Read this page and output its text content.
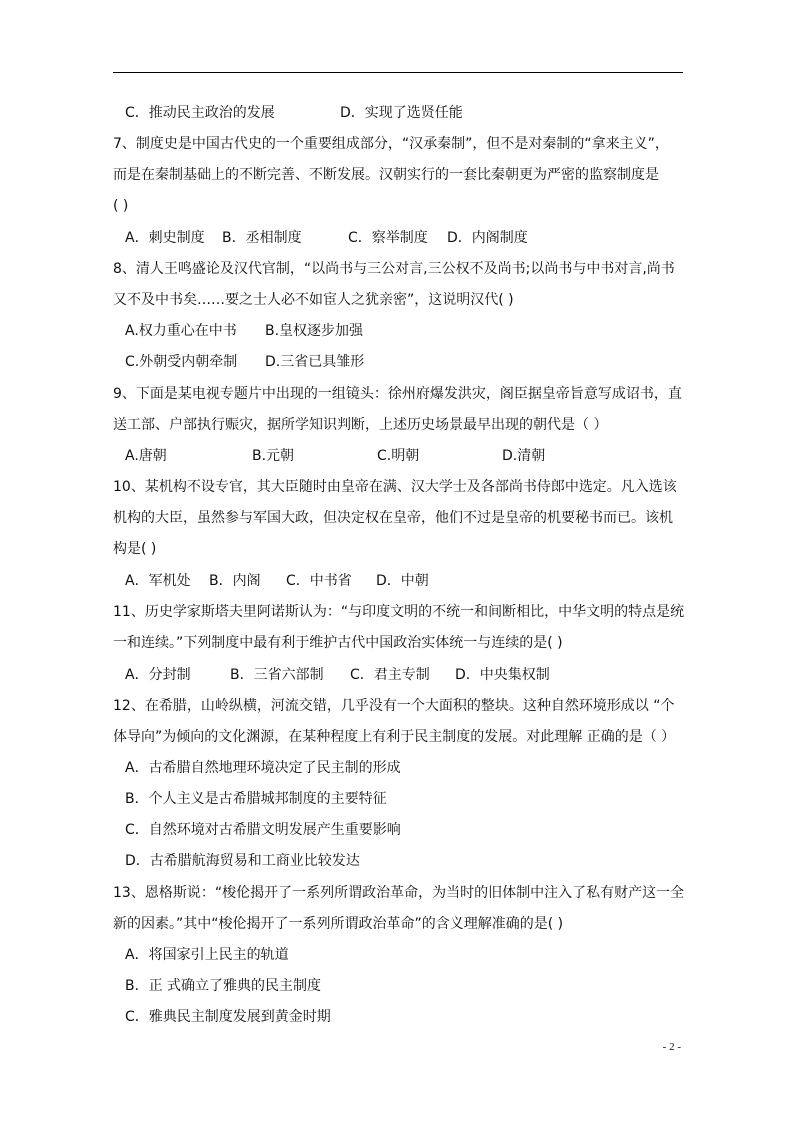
C．推动民主政治的发展	D．实现了选贤任能
7、制度史是中国古代史的一个重要组成部分，“汉承秦制”，但不是对秦制的“拿来主义”，
而是在秦制基础上的不断完善、不断发展。汉朝实行的一套比秦朝更为严密的监察制度是
( )
A．刺史制度 B．丞相制度	C．察举制度 D．内阁制度
8、清人王鸣盛论及汉代官制，“以尚书与三公对言,三公权不及尚书;以尚书与中书对言,尚书
又不及中书矣……要之士人必不如宦人之犹亲密”，这说明汉代( )
A.权力重心在中书 B.皇权逐步加强
C.外朝受内朝牵制 D.三省已具雏形
9、下面是某电视专题片中出现的一组镜头：徐州府爆发洪灾，阁臣据皇帝旨意写成诏书，直
送工部、户部执行赈灾，据所学知识判断，上述历史场景最早出现的朝代是（ ）
A.唐朝	B.元朝	C.明朝	D.清朝
10、某机构不设专官，其大臣随时由皇帝在满、汉大学士及各部尚书侍郎中选定。凡入选该
机构的大臣，虽然参与军国大政，但决定权在皇帝，他们不过是皇帝的机要秘书而已。该机
构是( )
A．军机处 B．内阁 C．中书省 D．中朝
11、历史学家斯塔夫里阿诺斯认为：“与印度文明的不统一和间断相比，中华文明的特点是统
一和连续。”下列制度中最有利于维护古代中国政治实体统一与连续的是( )
A．分封制	B．三省六部制 C．君主专制 D．中央集权制
12、在希腊，山岭纵横，河流交错，几乎没有一个大面积的整块。这种自然环境形成以 “个
体导向”为倾向的文化渊源，在某种程度上有利于民主制度的发展。对此理解 正确的是（ ）
A．古希腊自然地理环境决定了民主制的形成
B．个人主义是古希腊城邦制度的主要特征
C．自然环境对古希腊文明发展产生重要影响
D．古希腊航海贸易和工商业比较发达
13、恩格斯说：“梭伦揭开了一系列所谓政治革命，为当时的旧体制中注入了私有财产这一全
新的因素。”其中“梭伦揭开了一系列所谓政治革命”的含义理解准确的是( )
A．将国家引上民主的轨道
B．正 式确立了雅典的民主制度
C．雅典民主制度发展到黄金时期
- 2 -
